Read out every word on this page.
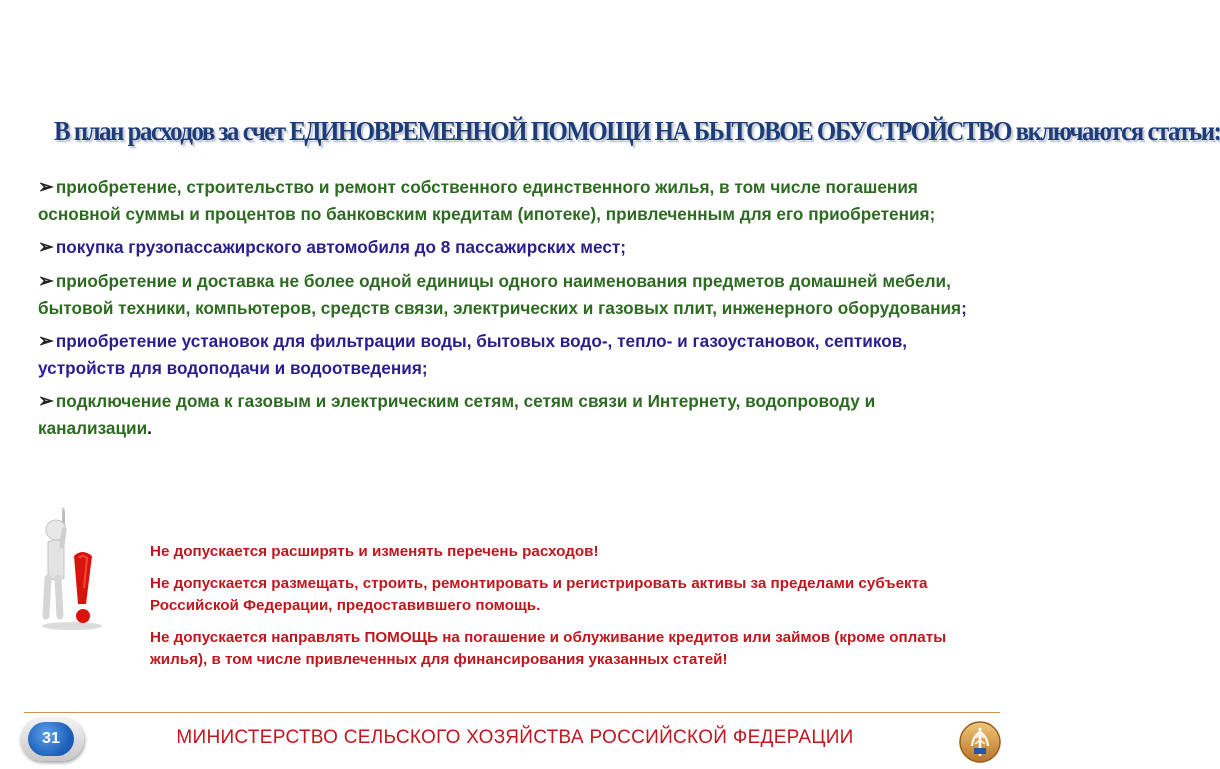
В план расходов за счет ЕДИНОВРЕМЕННОЙ ПОМОЩИ НА БЫТОВОЕ ОБУСТРОЙСТВО включаются статьи:
➢ приобретение, строительство и ремонт собственного единственного жилья, в том числе погашения основной суммы и процентов по банковским кредитам (ипотеке), привлеченным для его приобретения;
➢ покупка грузопассажирского автомобиля до 8 пассажирских мест;
➢ приобретение и доставка не более одной единицы одного наименования предметов домашней мебели, бытовой техники, компьютеров, средств связи, электрических и газовых плит, инженерного оборудования;
➢ приобретение установок для фильтрации воды, бытовых водо-, тепло- и газоустановок, септиков, устройств для водоподачи и водоотведения;
➢ подключение дома к газовым и электрическим сетям, сетям связи и Интернету, водопроводу и канализации.
Не допускается расширять и изменять перечень расходов!
Не допускается размещать, строить, ремонтировать и регистрировать активы за пределами субъекта Российской Федерации, предоставившего помощь.
Не допускается направлять ПОМОЩЬ на погашение и облуживание кредитов или займов (кроме оплаты жилья), в том числе привлеченных для финансирования указанных статей!
31	МИНИСТЕРСТВО СЕЛЬСКОГО ХОЗЯЙСТВА РОССИЙСКОЙ ФЕДЕРАЦИИ
